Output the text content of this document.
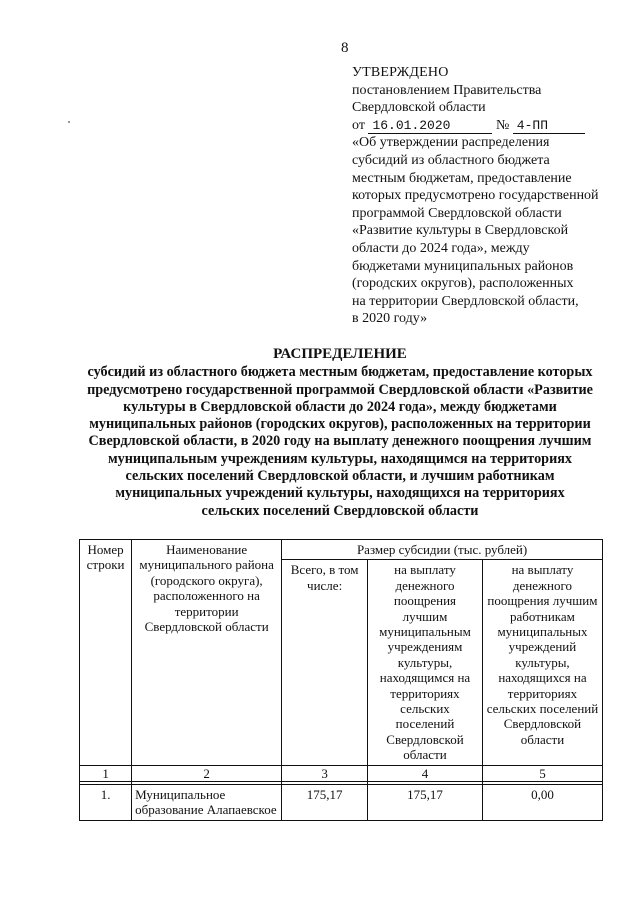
8
УТВЕРЖДЕНО
постановлением Правительства
Свердловской области
от 16.01.2020	№ 4-ПП
«Об утверждении распределения
субсидий из областного бюджета
местным бюджетам, предоставление
которых предусмотрено государственной
программой Свердловской области
«Развитие культуры в Свердловской
области до 2024 года», между
бюджетами муниципальных районов
(городских округов), расположенных
на территории Свердловской области,
в 2020 году»
РАСПРЕДЕЛЕНИЕ
субсидий из областного бюджета местным бюджетам, предоставление которых
предусмотрено государственной программой Свердловской области «Развитие
культуры в Свердловской области до 2024 года», между бюджетами
муниципальных районов (городских округов), расположенных на территории
Свердловской области, в 2020 году на выплату денежного поощрения лучшим
муниципальным учреждениям культуры, находящимся на территориях
сельских поселений Свердловской области, и лучшим работникам
муниципальных учреждений культуры, находящихся на территориях
сельских поселений Свердловской области
Номер строки	Наименование муниципального района (городского округа), расположенного на территории Свердловской области	Размер субсидии (тыс. рублей)		
		Всего, в том числе:	на выплату денежного поощрения лучшим муниципальным учреждениям культуры, находящимся на территориях сельских поселений Свердловской области	на выплату денежного поощрения лучшим работникам муниципальных учреждений культуры, находящихся на территориях сельских поселений Свердловской области
1	2	3	4	5

1.	Муниципальное образование Алапаевское	175,17	175,17	0,00
